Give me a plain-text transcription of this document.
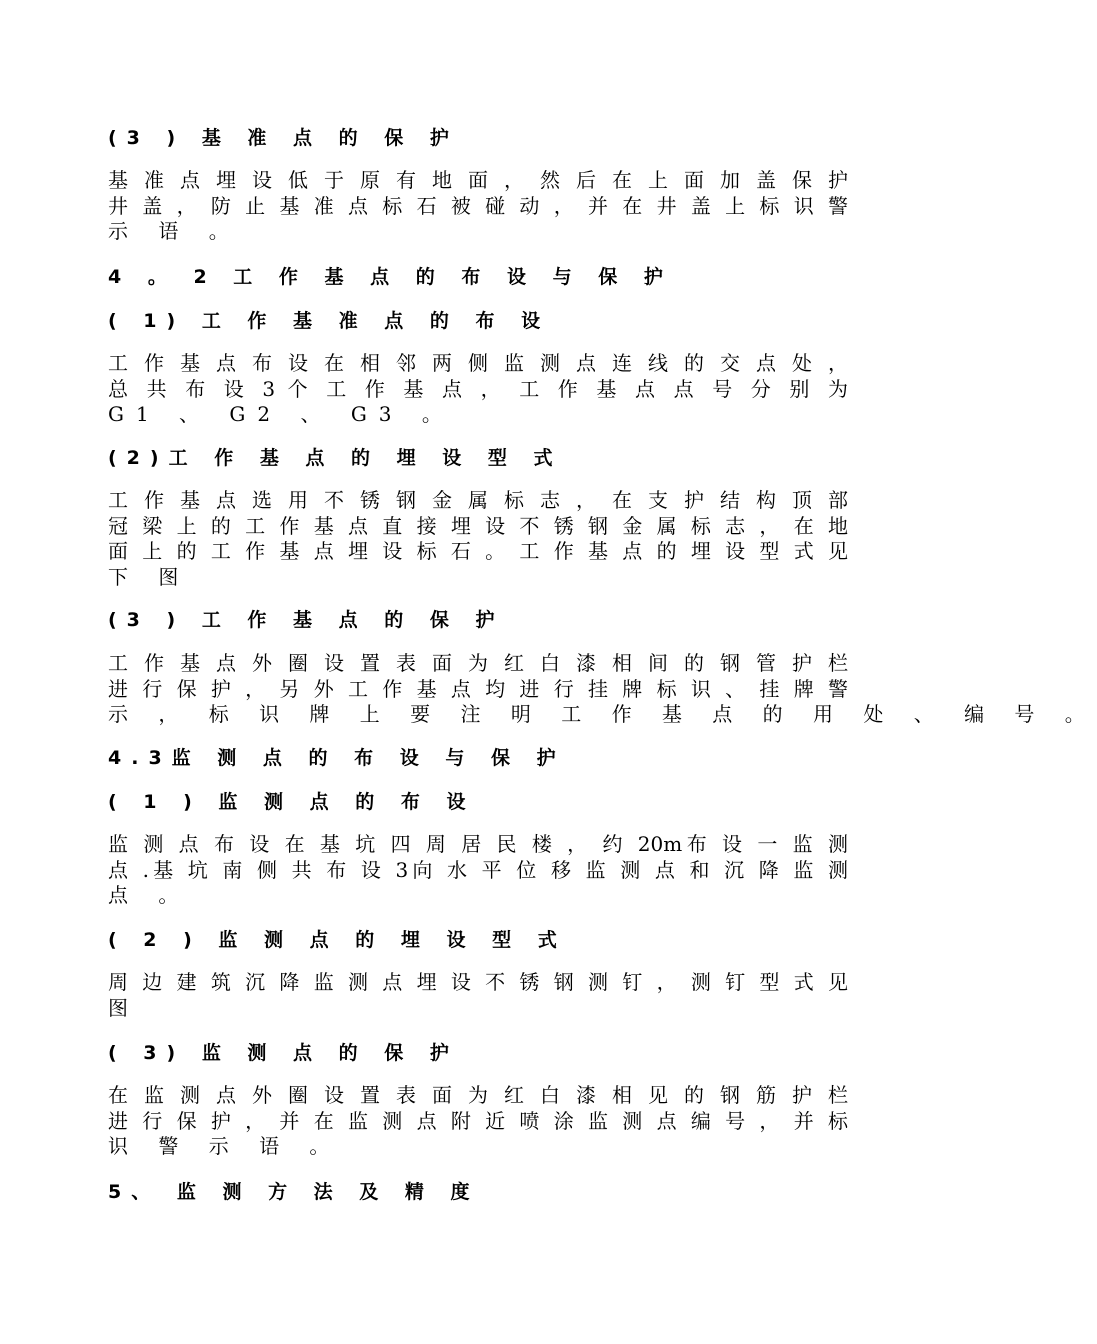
(3 ) 基 准 点 的 保 护
基 准 点 埋 设 低 于 原 有 地 面 ， 然 后 在 上 面 加 盖 保 护
井 盖 ， 防 止 基 准 点 标 石 被 碰 动 ， 并 在 井 盖 上 标 识 警
示 语 。
4 。 2 工 作 基 点 的 布 设 与 保 护
( 1) 工 作 基 准 点 的 布 设
工 作 基 点 布 设 在 相 邻 两 侧 监 测 点 连 线 的 交 点 处 ，
总 共 布 设 3 个 工 作 基 点 ， 工 作 基 点 点 号 分 别 为
G1 、 G2 、 G3 。
(2)工 作 基 点 的 埋 设 型 式
工 作 基 点 选 用 不 锈 钢 金 属 标 志 ， 在 支 护 结 构 顶 部
冠 梁 上 的 工 作 基 点 直 接 埋 设 不 锈 钢 金 属 标 志 ， 在 地
面 上 的 工 作 基 点 埋 设 标 石 。 工 作 基 点 的 埋 设 型 式 见
下 图
(3 ) 工 作 基 点 的 保 护
工 作 基 点 外 圈 设 置 表 面 为 红 白 漆 相 间 的 钢 管 护 栏
进 行 保 护 ， 另 外 工 作 基 点 均 进 行 挂 牌 标 识 、 挂 牌 警
示 ， 标 识 牌 上 要 注 明 工 作 基 点 的 用 处 、 编 号 。
4.3监 测 点 的 布 设 与 保 护
( 1 ) 监 测 点 的 布 设
监 测 点 布 设 在 基 坑 四 周 居 民 楼 ， 约 20m布 设 一 监 测
点 .基 坑 南 侧 共 布 设 3向 水 平 位 移 监 测 点 和 沉 降 监 测
点 。
( 2 ) 监 测 点 的 埋 设 型 式
周 边 建 筑 沉 降 监 测 点 埋 设 不 锈 钢 测 钉 ， 测 钉 型 式 见
图
( 3) 监 测 点 的 保 护
在 监 测 点 外 圈 设 置 表 面 为 红 白 漆 相 见 的 钢 筋 护 栏
进 行 保 护 ， 并 在 监 测 点 附 近 喷 涂 监 测 点 编 号 ， 并 标
识 警 示 语 。
5、 监 测 方 法 及 精 度
